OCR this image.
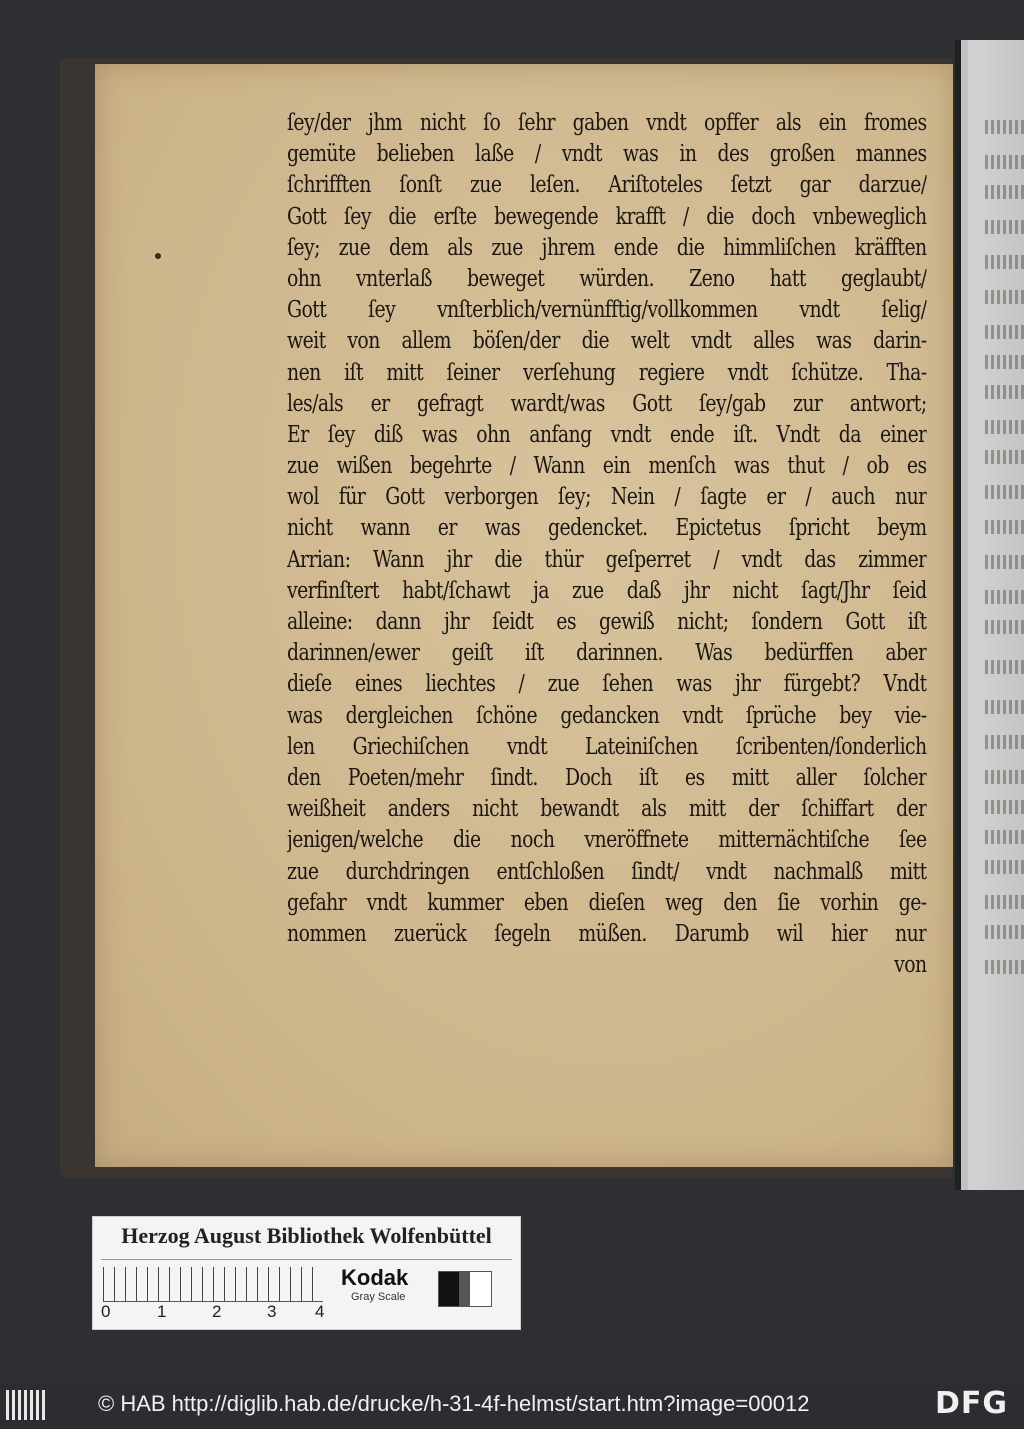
ſey/der jhm nicht ſo ſehr gaben vndt opffer als ein fromes
gemüte belieben laße / vndt was in des großen mannes
ſchrifften ſonſt zue leſen. Ariſtoteles ſetzt gar darzue/
Gott ſey die erſte bewegende krafft / die doch vnbeweglich
ſey; zue dem als zue jhrem ende die himmliſchen kräfften
ohn vnterlaß beweget würden. Zeno hatt geglaubt/
Gott ſey vnſterblich/vernünfftig/vollkommen vndt ſelig/
weit von allem böſen/der die welt vndt alles was darin-
nen iſt mitt ſeiner verſehung regiere vndt ſchütze. Tha-
les/als er gefragt wardt/was Gott ſey/gab zur antwort;
Er ſey diß was ohn anfang vndt ende iſt. Vndt da einer
zue wißen begehrte / Wann ein menſch was thut / ob es
wol für Gott verborgen ſey; Nein / ſagte er / auch nur
nicht wann er was gedencket. Epictetus ſpricht beym
Arrian: Wann jhr die thür geſperret / vndt das zimmer
verfinſtert habt/ſchawt ja zue daß jhr nicht ſagt/Jhr ſeid
alleine: dann jhr ſeidt es gewiß nicht; ſondern Gott iſt
darinnen/ewer geiſt iſt darinnen. Was bedürffen aber
dieſe eines liechtes / zue ſehen was jhr fürgebt? Vndt
was dergleichen ſchöne gedancken vndt ſprüche bey vie-
len Griechiſchen vndt Lateiniſchen ſcribenten/ſonderlich
den Poeten/mehr ſindt. Doch iſt es mitt aller ſolcher
weißheit anders nicht bewandt als mitt der ſchiffart der
jenigen/welche die noch vneröffnete mitternächtiſche ſee
zue durchdringen entſchloßen ſindt/ vndt nachmalß mitt
gefahr vndt kummer eben dieſen weg den ſie vorhin ge-
nommen zuerück ſegeln müßen. Darumb wil hier nur
von
Herzog August Bibliothek Wolfenbüttel
0	1	2	3 4
Kodak
Gray Scale
© HAB http://diglib.hab.de/drucke/h-31-4f-helmst/start.htm?image=00012	DFG
